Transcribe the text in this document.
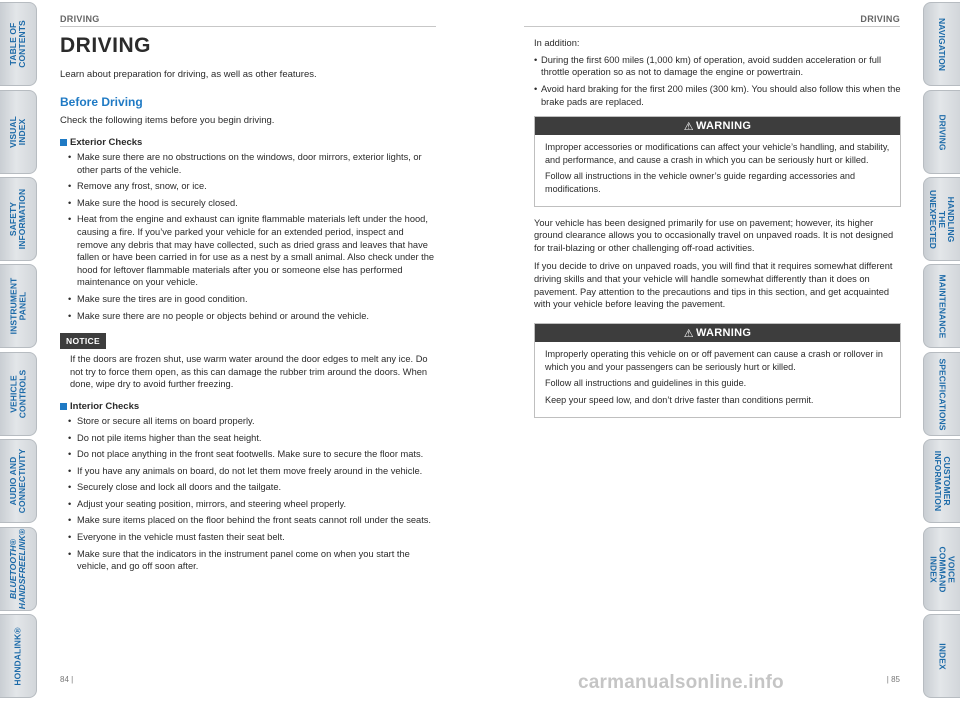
TABLE OF CONTENTS
VISUAL INDEX
SAFETY
INFORMATION
INSTRUMENT PANEL
VEHICLE
CONTROLS
AUDIO AND
CONNECTIVITY
BLUETOOTH®
HANDSFREELINK®
HONDALINK®
NAVIGATION
DRIVING
HANDLING THE
UNEXPECTED
MAINTENANCE
SPECIFICATIONS
CUSTOMER
INFORMATION
VOICE COMMAND
INDEX
INDEX
DRIVING	DRIVING
DRIVING
Learn about preparation for driving, as well as other features.
Before Driving
Check the following items before you begin driving.
Exterior Checks
• Make sure there are no obstructions on the windows, door mirrors, exterior lights, or other parts of the vehicle.
• Remove any frost, snow, or ice.
• Make sure the hood is securely closed.
• Heat from the engine and exhaust can ignite flammable materials left under the hood, causing a fire. If you’ve parked your vehicle for an extended period, inspect and remove any debris that may have collected, such as dried grass and leaves that have fallen or have been carried in for use as a nest by a small animal. Also check under the hood for leftover flammable materials after you or someone else has performed maintenance on your vehicle.
• Make sure the tires are in good condition.
• Make sure there are no people or objects behind or around the vehicle.
NOTICE
If the doors are frozen shut, use warm water around the door edges to melt any ice. Do not try to force them open, as this can damage the rubber trim around the doors. When done, wipe dry to avoid further freezing.
Interior Checks
• Store or secure all items on board properly.
• Do not pile items higher than the seat height.
• Do not place anything in the front seat footwells. Make sure to secure the floor mats.
• If you have any animals on board, do not let them move freely around in the vehicle.
• Securely close and lock all doors and the tailgate.
• Adjust your seating position, mirrors, and steering wheel properly.
• Make sure items placed on the floor behind the front seats cannot roll under the seats.
• Everyone in the vehicle must fasten their seat belt.
• Make sure that the indicators in the instrument panel come on when you start the vehicle, and go off soon after.
In addition:
• During the first 600 miles (1,000 km) of operation, avoid sudden acceleration or full throttle operation so as not to damage the engine or powertrain.
• Avoid hard braking for the first 200 miles (300 km). You should also follow this when the brake pads are replaced.
⚠ WARNING

Improper accessories or modifications can affect your vehicle’s handling, and stability, and performance, and cause a crash in which you can be seriously hurt or killed.

Follow all instructions in the vehicle owner’s guide regarding accessories and modifications.

Your vehicle has been designed primarily for use on pavement; however, its higher ground clearance allows you to occasionally travel on unpaved roads. It is not designed for trail-blazing or other challenging off-road activities.

If you decide to drive on unpaved roads, you will find that it requires somewhat different driving skills and that your vehicle will handle somewhat differently than it does on pavement. Pay attention to the precautions and tips in this section, and get acquainted with your vehicle before leaving the pavement.

⚠ WARNING

Improperly operating this vehicle on or off pavement can cause a crash or rollover in which you and your passengers can be seriously hurt or killed.

Follow all instructions and guidelines in this guide.

Keep your speed low, and don’t drive faster than conditions permit.

84 |	| 85
carmanualsonline.info
